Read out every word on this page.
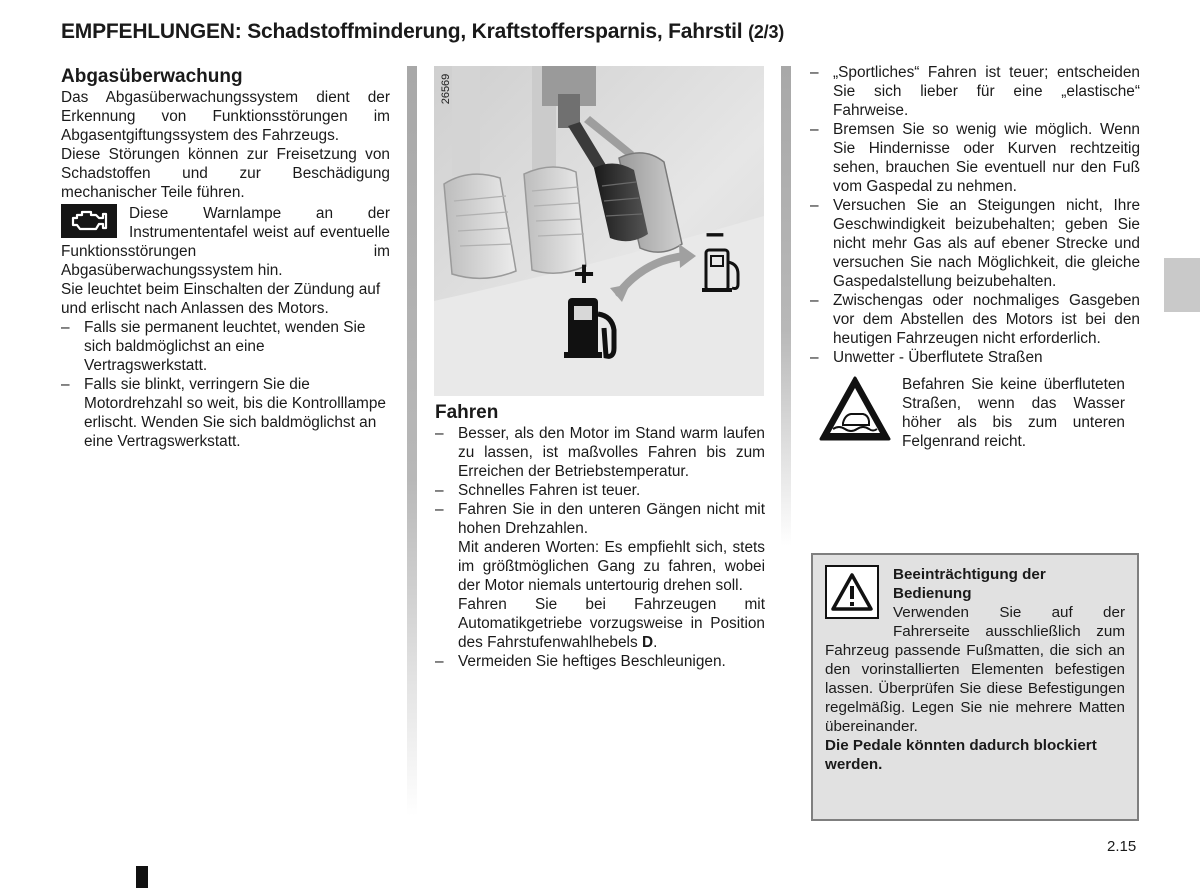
EMPFEHLUNGEN: Schadstoffminderung, Kraftstoffersparnis, Fahrstil (2/3)
Abgasüberwachung

Das Abgasüberwachungssystem dient der Erkennung von Funktionsstörungen im Abgasentgiftungssystem des Fahrzeugs.

Diese Störungen können zur Freisetzung von Schadstoffen und zur Beschädigung mechanischer Teile führen.

Diese Warnlampe an der Instrumententafel weist auf eventuelle Funktionsstörungen im Abgasüberwachungssystem hin.

Sie leuchtet beim Einschalten der Zündung auf und erlischt nach Anlassen des Motors.

– Falls sie permanent leuchtet, wenden Sie sich baldmöglichst an eine Vertragswerkstatt.
– Falls sie blinkt, verringern Sie die Motordrehzahl so weit, bis die Kontrolllampe erlischt. Wenden Sie sich baldmöglichst an eine Vertragswerkstatt.
+
–
26569
Fahren
– Besser, als den Motor im Stand warm laufen zu lassen, ist maßvolles Fahren bis zum Erreichen der Betriebstemperatur.
– Schnelles Fahren ist teuer.

– Fahren Sie in den unteren Gängen nicht mit hohen Drehzahlen.

Mit anderen Worten: Es empfiehlt sich, stets im größtmöglichen Gang zu fahren, wobei der Motor niemals untertourig drehen soll.

Fahren Sie bei Fahrzeugen mit Automatikgetriebe vorzugsweise in Position des Fahrstufenwahlhebels D.

– Vermeiden Sie heftiges Beschleunigen.
– „Sportliches“ Fahren ist teuer; entscheiden Sie sich lieber für eine „elastische“ Fahrweise.
– Bremsen Sie so wenig wie möglich. Wenn Sie Hindernisse oder Kurven rechtzeitig sehen, brauchen Sie eventuell nur den Fuß vom Gaspedal zu nehmen.
– Versuchen Sie an Steigungen nicht, Ihre Geschwindigkeit beizubehalten; geben Sie nicht mehr Gas als auf ebener Strecke und versuchen Sie nach Möglichkeit, die gleiche Gaspedalstellung beizubehalten.
– Zwischengas oder nochmaliges Gasgeben vor dem Abstellen des Motors ist bei den heutigen Fahrzeugen nicht erforderlich.
– Unwetter - Überflutete Straßen

Befahren Sie keine überfluteten Straßen, wenn das Wasser höher als bis zum unteren Felgenrand reicht.

Beeinträchtigung der Bedienung

Verwenden Sie auf der Fahrerseite ausschließlich zum Fahrzeug passende Fußmatten, die sich an den vorinstallierten Elementen befestigen lassen. Überprüfen Sie diese Befestigungen regelmäßig. Legen Sie nie mehrere Matten übereinander.

Die Pedale könnten dadurch blockiert werden.

2.15
